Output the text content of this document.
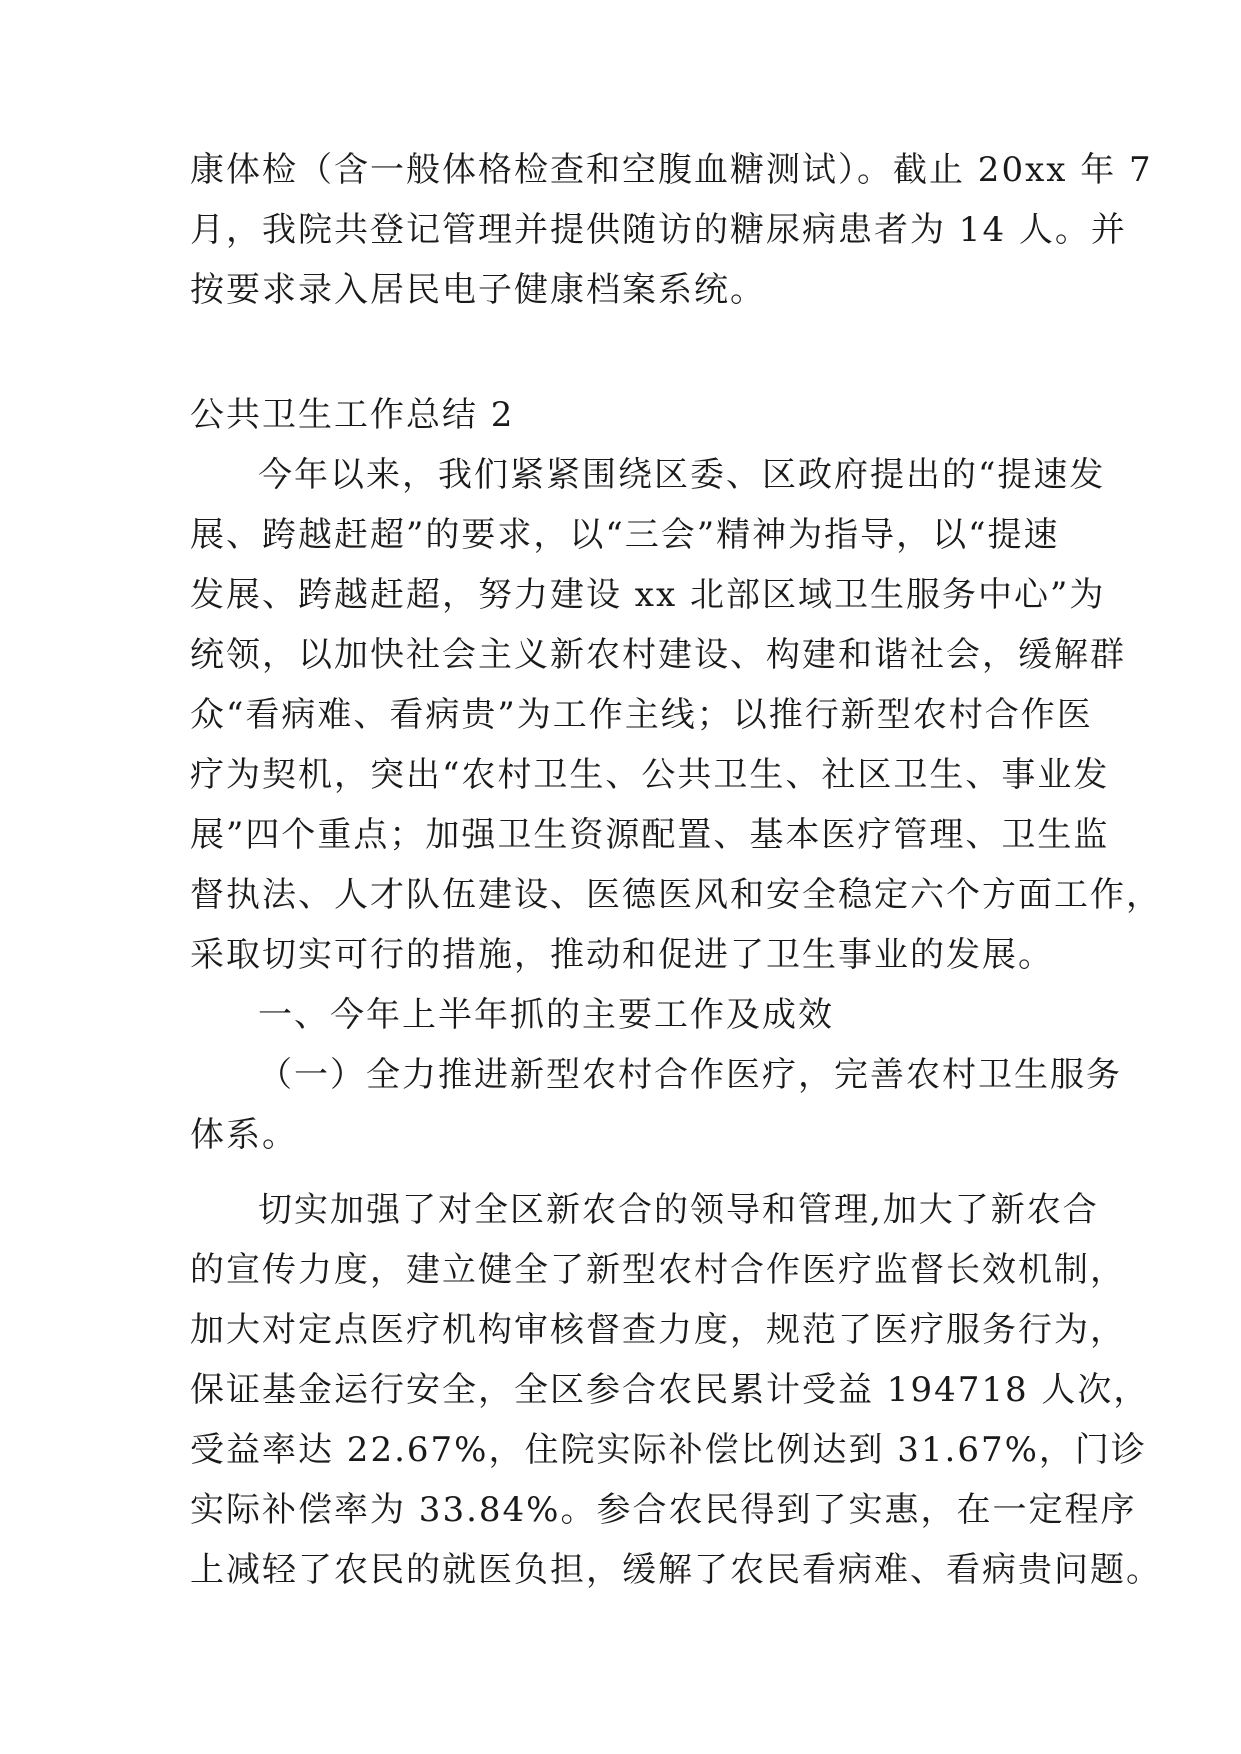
康体检（含一般体格检查和空腹血糖测试）。截止 20xx 年 7
月，我院共登记管理并提供随访的糖尿病患者为 14 人。并
按要求录入居民电子健康档案系统。
公共卫生工作总结 2
今年以来，我们紧紧围绕区委、区政府提出的“提速发
展、跨越赶超”的要求，以“三会”精神为指导，以“提速
发展、跨越赶超，努力建设 xx 北部区域卫生服务中心”为
统领，以加快社会主义新农村建设、构建和谐社会，缓解群
众“看病难、看病贵”为工作主线；以推行新型农村合作医
疗为契机，突出“农村卫生、公共卫生、社区卫生、事业发
展”四个重点；加强卫生资源配置、基本医疗管理、卫生监
督执法、人才队伍建设、医德医风和安全稳定六个方面工作，
采取切实可行的措施，推动和促进了卫生事业的发展。
一、今年上半年抓的主要工作及成效
（一）全力推进新型农村合作医疗，完善农村卫生服务
体系。
切实加强了对全区新农合的领导和管理,加大了新农合
的宣传力度，建立健全了新型农村合作医疗监督长效机制，
加大对定点医疗机构审核督查力度，规范了医疗服务行为，
保证基金运行安全，全区参合农民累计受益 194718 人次，
受益率达 22.67%，住院实际补偿比例达到 31.67%，门诊
实际补偿率为 33.84%。参合农民得到了实惠，在一定程序
上减轻了农民的就医负担，缓解了农民看病难、看病贵问题。
